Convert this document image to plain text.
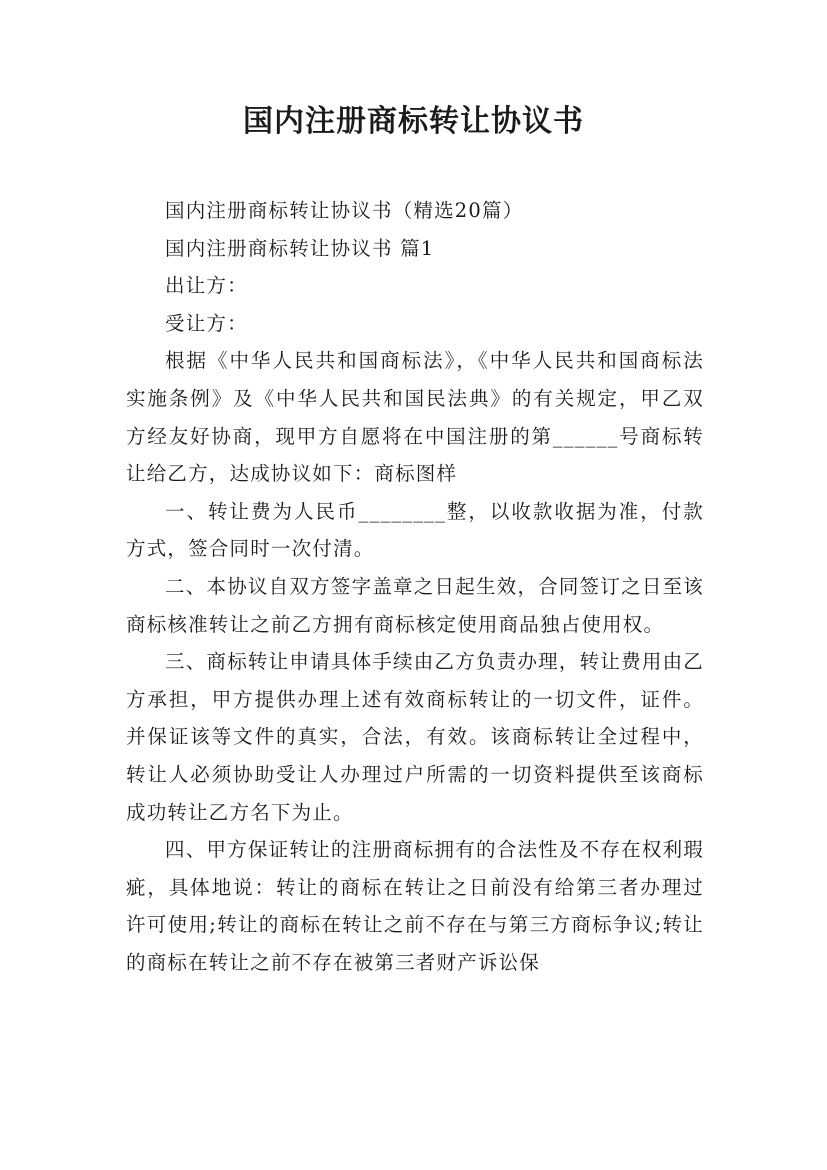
国内注册商标转让协议书

国内注册商标转让协议书（精选20篇）

国内注册商标转让协议书 篇1

出让方：

受让方：

根据《中华人民共和国商标法》，《中华人民共和国商标法实施条例》及《中华人民共和国民法典》的有关规定，甲乙双方经友好协商，现甲方自愿将在中国注册的第______号商标转让给乙方，达成协议如下：商标图样

一、转让费为人民币________整，以收款收据为准，付款方式，签合同时一次付清。

二、本协议自双方签字盖章之日起生效，合同签订之日至该商标核准转让之前乙方拥有商标核定使用商品独占使用权。

三、商标转让申请具体手续由乙方负责办理，转让费用由乙方承担，甲方提供办理上述有效商标转让的一切文件，证件。并保证该等文件的真实，合法，有效。该商标转让全过程中，转让人必须协助受让人办理过户所需的一切资料提供至该商标成功转让乙方名下为止。

四、甲方保证转让的注册商标拥有的合法性及不存在权利瑕疵，具体地说：转让的商标在转让之日前没有给第三者办理过许可使用;转让的商标在转让之前不存在与第三方商标争议;转让的商标在转让之前不存在被第三者财产诉讼保
